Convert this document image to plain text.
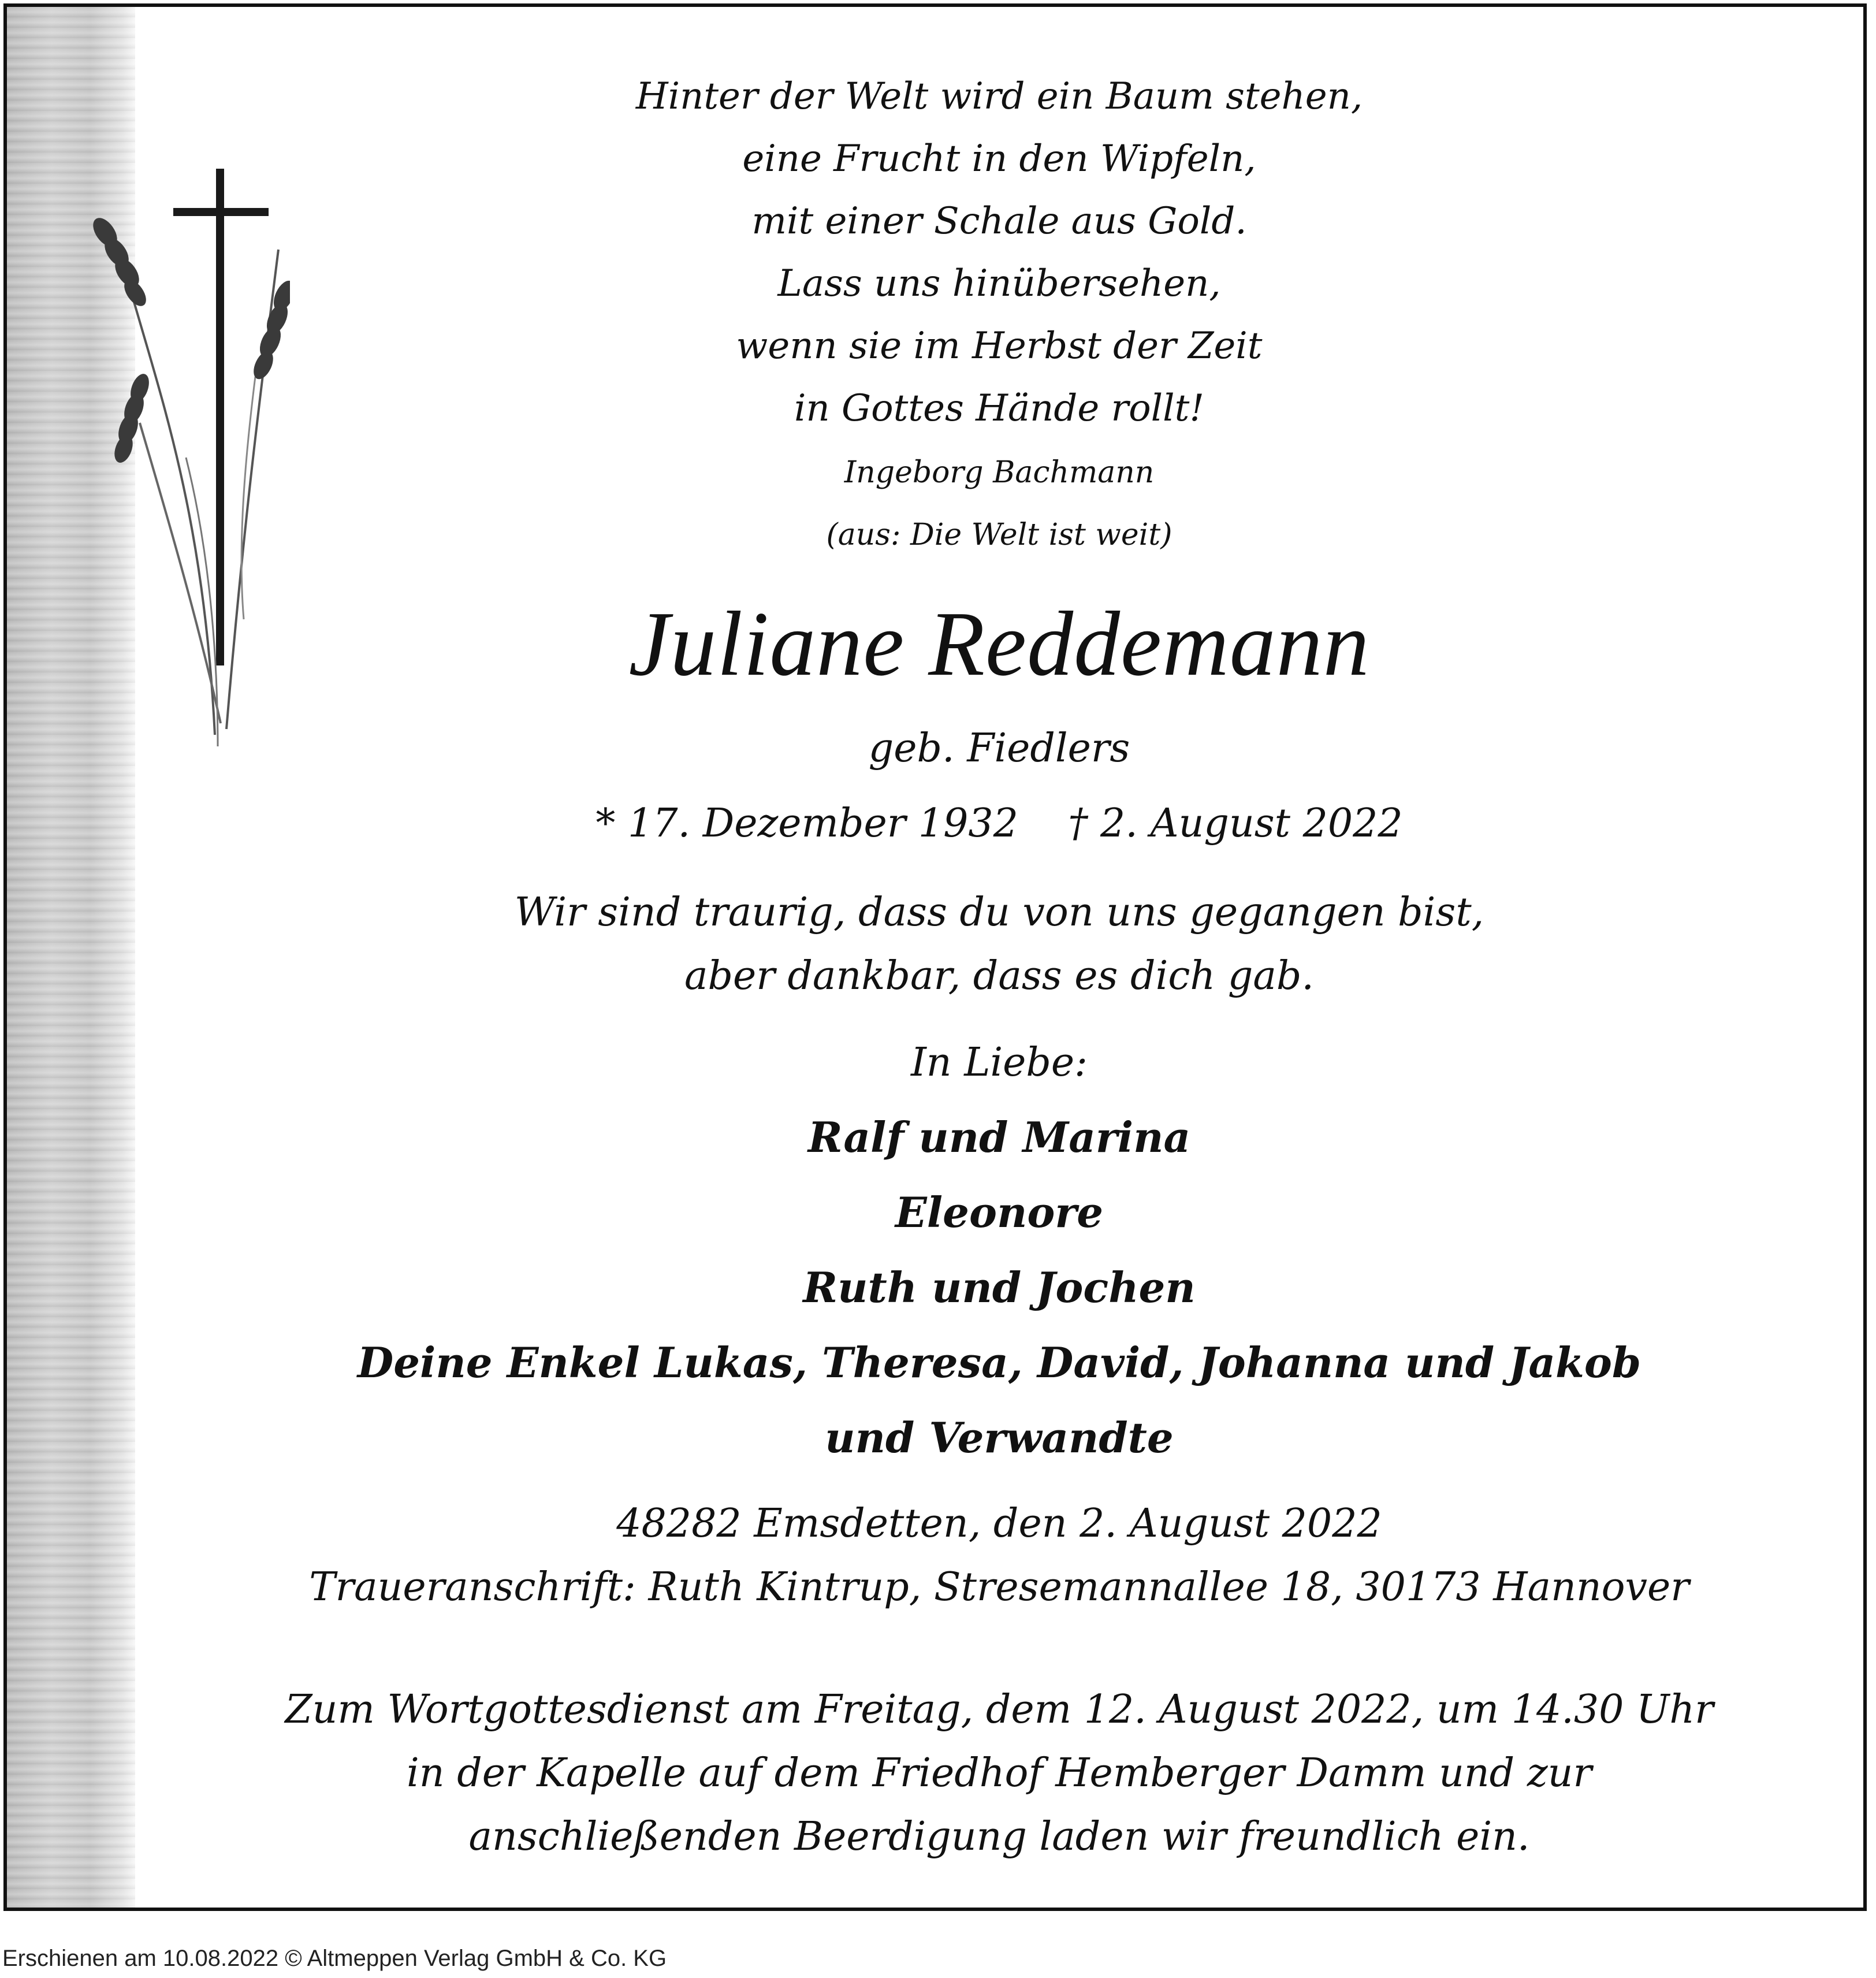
Hinter der Welt wird ein Baum stehen,
eine Frucht in den Wipfeln,
mit einer Schale aus Gold.
Lass uns hinübersehen,
wenn sie im Herbst der Zeit
in Gottes Hände rollt!
Ingeborg Bachmann
(aus: Die Welt ist weit)
Juliane Reddemann
geb. Fiedlers
* 17. Dezember 1932    † 2. August 2022
Wir sind traurig, dass du von uns gegangen bist,
aber dankbar, dass es dich gab.
In Liebe:
Ralf und Marina
Eleonore
Ruth und Jochen
Deine Enkel Lukas, Theresa, David, Johanna und Jakob
und Verwandte
48282 Emsdetten, den 2. August 2022
Traueranschrift: Ruth Kintrup, Stresemannallee 18, 30173 Hannover
Zum Wortgottesdienst am Freitag, dem 12. August 2022, um 14.30 Uhr
in der Kapelle auf dem Friedhof Hemberger Damm und zur
anschließenden Beerdigung laden wir freundlich ein.
Erschienen am 10.08.2022 © Altmeppen Verlag GmbH & Co. KG
